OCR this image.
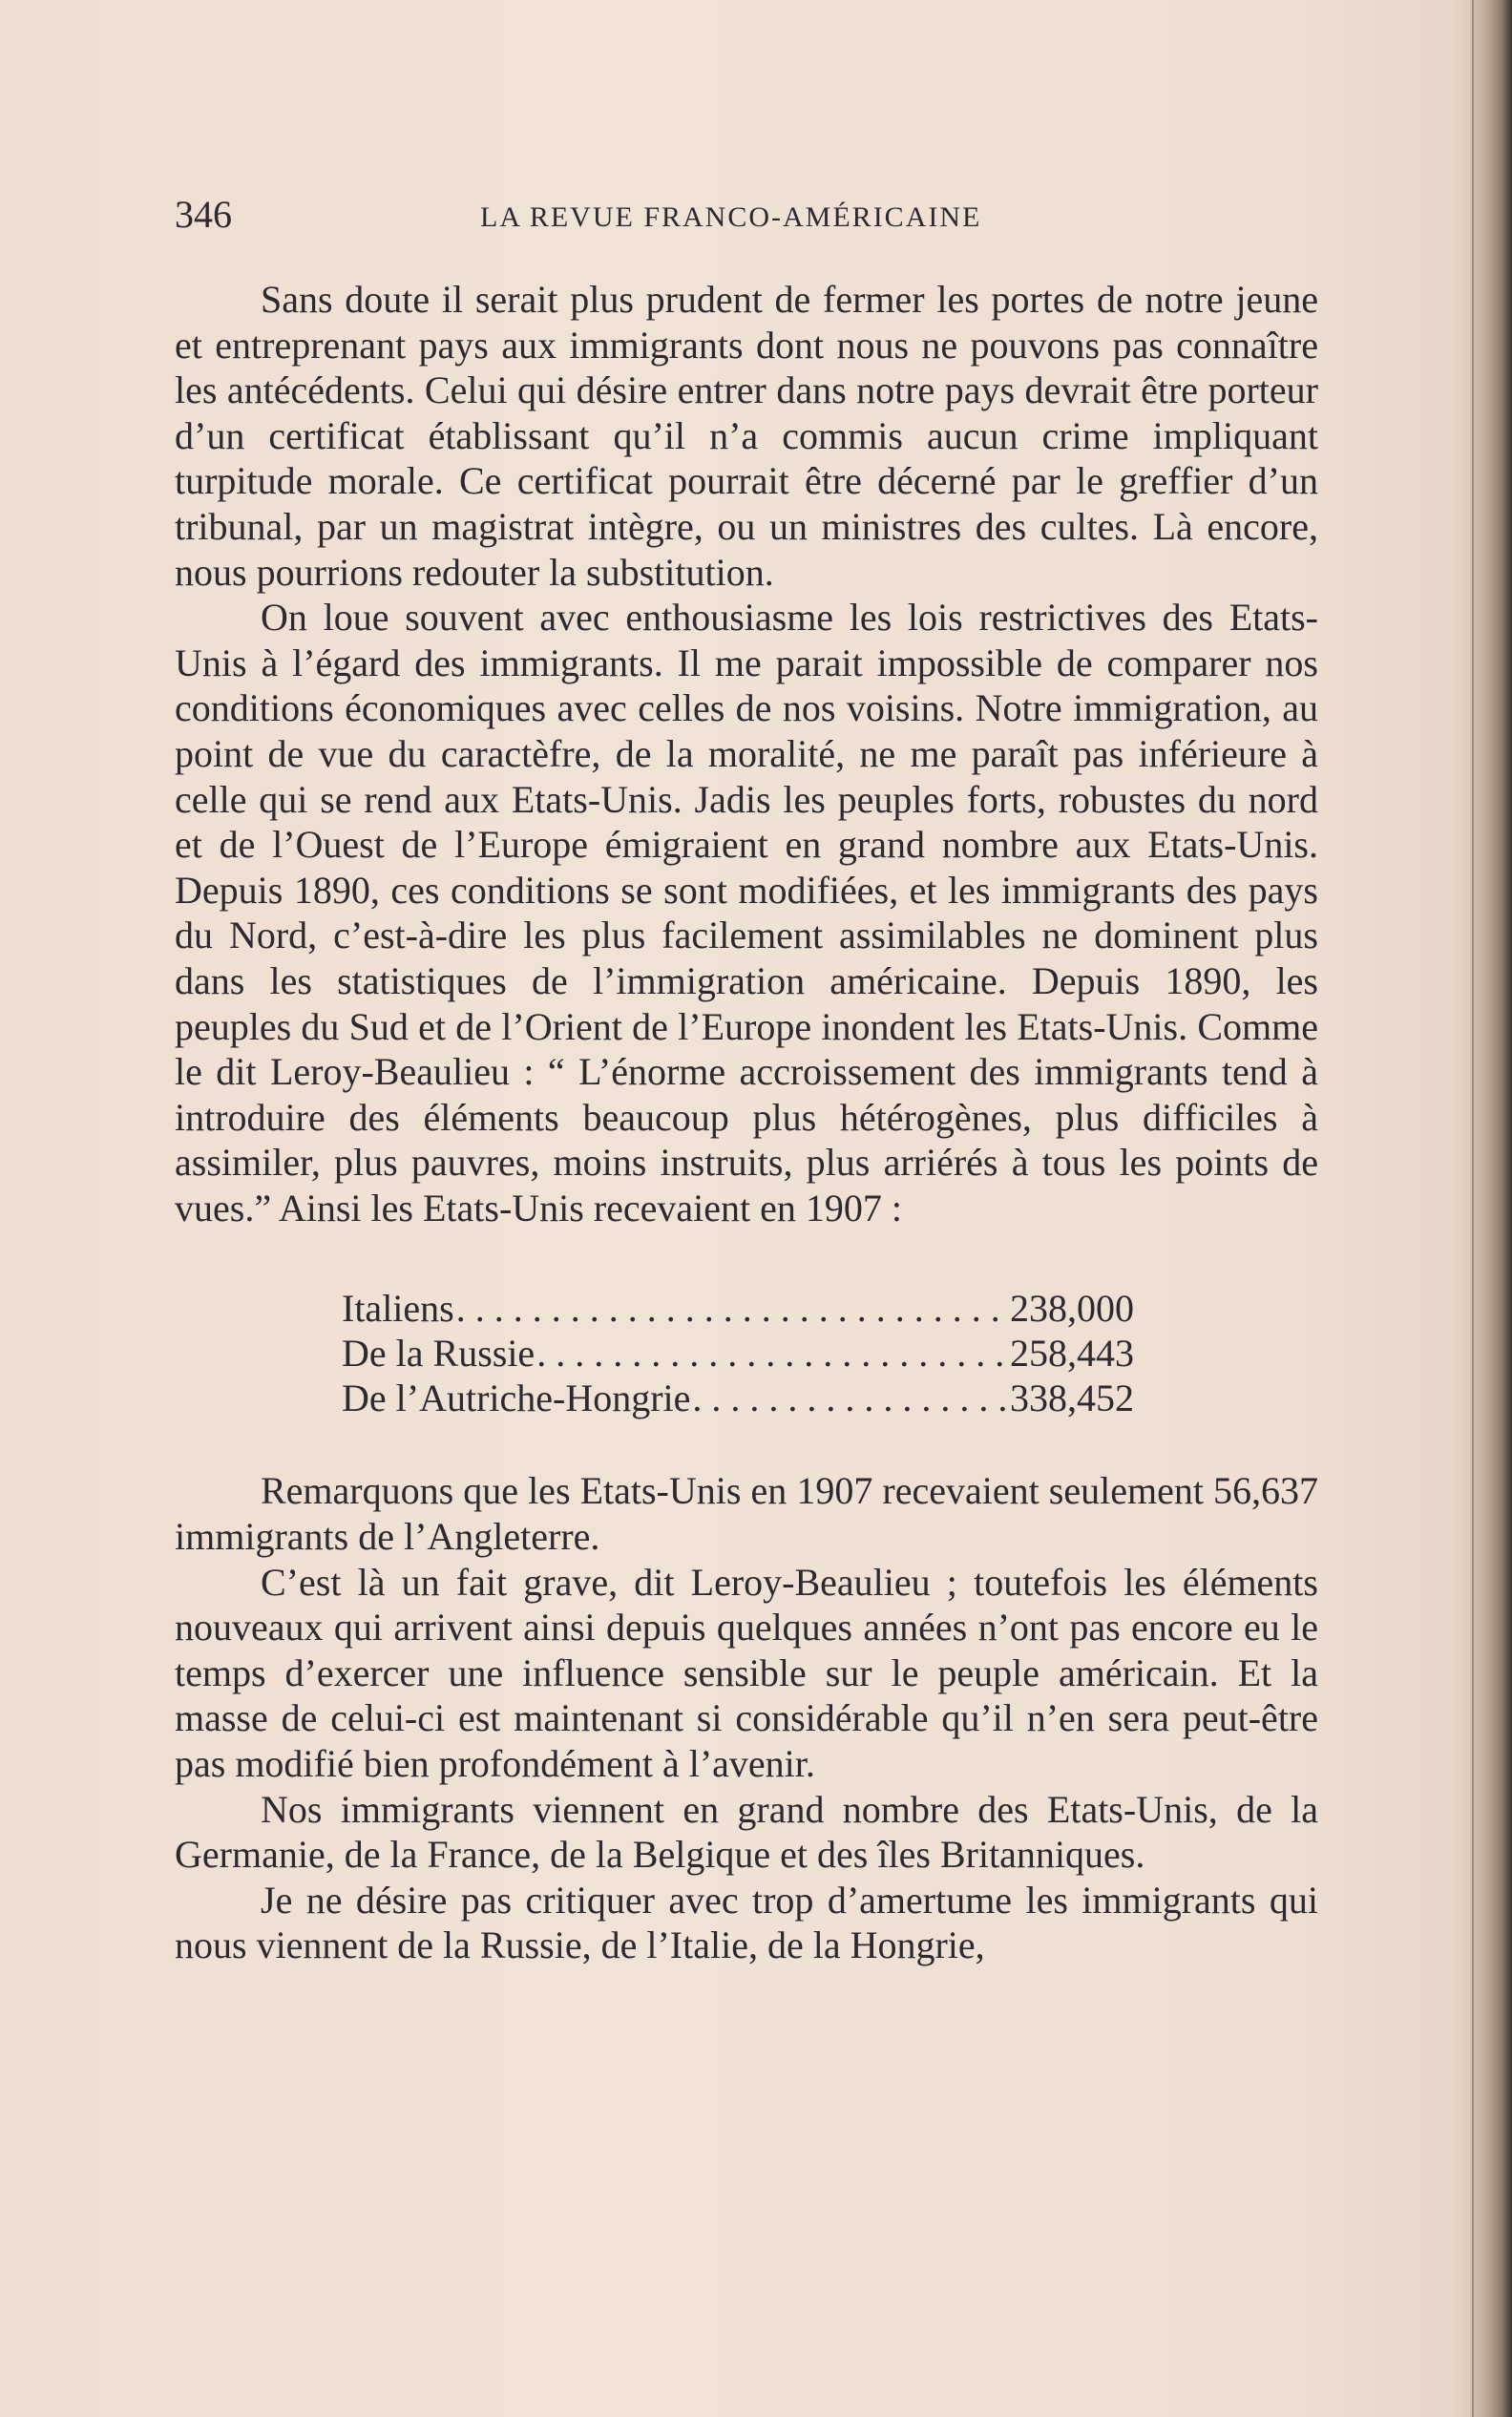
346	LA REVUE FRANCO-AMÉRICAINE

Sans doute il serait plus prudent de fermer les portes de notre jeune et entreprenant pays aux immigrants dont nous ne pouvons pas connaître les antécédents. Celui qui désire entrer dans notre pays devrait être porteur d’un certificat établissant qu’il n’a commis aucun crime impliquant turpitude morale. Ce certificat pourrait être décerné par le greffier d’un tribunal, par un magistrat intègre, ou un ministres des cultes. Là encore, nous pourrions redouter la substitution.

On loue souvent avec enthousiasme les lois restrictives des Etats-Unis à l’égard des immigrants. Il me parait impossible de comparer nos conditions économiques avec celles de nos voisins. Notre immigration, au point de vue du caractèfre, de la moralité, ne me paraît pas inférieure à celle qui se rend aux Etats-Unis. Jadis les peuples forts, robustes du nord et de l’Ouest de l’Europe émigraient en grand nombre aux Etats-Unis. Depuis 1890, ces conditions se sont modifiées, et les immigrants des pays du Nord, c’est-à-dire les plus facilement assimilables ne dominent plus dans les statistiques de l’immigration américaine. Depuis 1890, les peuples du Sud et de l’Orient de l’Europe inondent les Etats-Unis. Comme le dit Leroy-Beaulieu : “ L’énorme accroissement des immigrants tend à introduire des éléments beaucoup plus hétérogènes, plus difficiles à assimiler, plus pauvres, moins instruits, plus arriérés à tous les points de vues.” Ainsi les Etats-Unis recevaient en 1907 :

Italiens . . .	238,000
De la Russie . . .	258,443
De l’Autriche-Hongrie . . .	338,452

Remarquons que les Etats-Unis en 1907 recevaient seulement 56,637 immigrants de l’Angleterre.

C’est là un fait grave, dit Leroy-Beaulieu ; toutefois les éléments nouveaux qui arrivent ainsi depuis quelques années n’ont pas encore eu le temps d’exercer une influence sensible sur le peuple américain. Et la masse de celui-ci est maintenant si considérable qu’il n’en sera peut-être pas modifié bien profondément à l’avenir.

Nos immigrants viennent en grand nombre des Etats-Unis, de la Germanie, de la France, de la Belgique et des îles Britanniques.

Je ne désire pas critiquer avec trop d’amertume les immigrants qui nous viennent de la Russie, de l’Italie, de la Hongrie,
